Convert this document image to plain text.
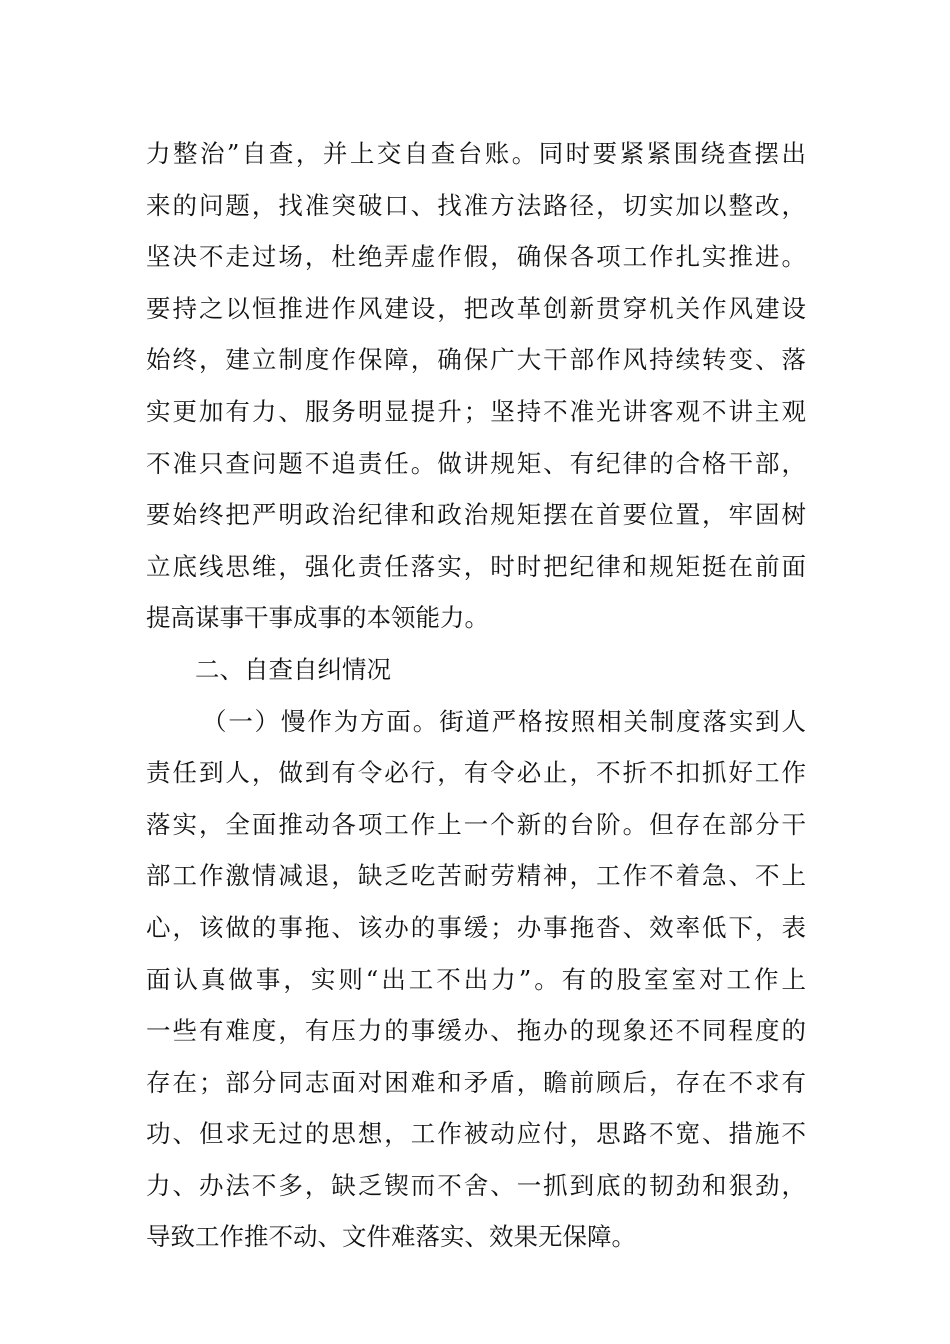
力整治”自查，并上交自查台账。同时要紧紧围绕查摆出
来的问题，找准突破口、找准方法路径，切实加以整改，
坚决不走过场，杜绝弄虚作假，确保各项工作扎实推进。
要持之以恒推进作风建设，把改革创新贯穿机关作风建设
始终，建立制度作保障，确保广大干部作风持续转变、落
实更加有力、服务明显提升；坚持不准光讲客观不讲主观
不准只查问题不追责任。做讲规矩、有纪律的合格干部，
要始终把严明政治纪律和政治规矩摆在首要位置，牢固树
立底线思维，强化责任落实，时时把纪律和规矩挺在前面
提高谋事干事成事的本领能力。
二、自查自纠情况
（一）慢作为方面。街道严格按照相关制度落实到人
责任到人，做到有令必行，有令必止，不折不扣抓好工作
落实，全面推动各项工作上一个新的台阶。但存在部分干
部工作激情减退，缺乏吃苦耐劳精神，工作不着急、不上
心，该做的事拖、该办的事缓；办事拖沓、效率低下，表
面认真做事，实则“出工不出力”。有的股室室对工作上
一些有难度，有压力的事缓办、拖办的现象还不同程度的
存在；部分同志面对困难和矛盾，瞻前顾后，存在不求有
功、但求无过的思想，工作被动应付，思路不宽、措施不
力、办法不多，缺乏锲而不舍、一抓到底的韧劲和狠劲，
导致工作推不动、文件难落实、效果无保障。
